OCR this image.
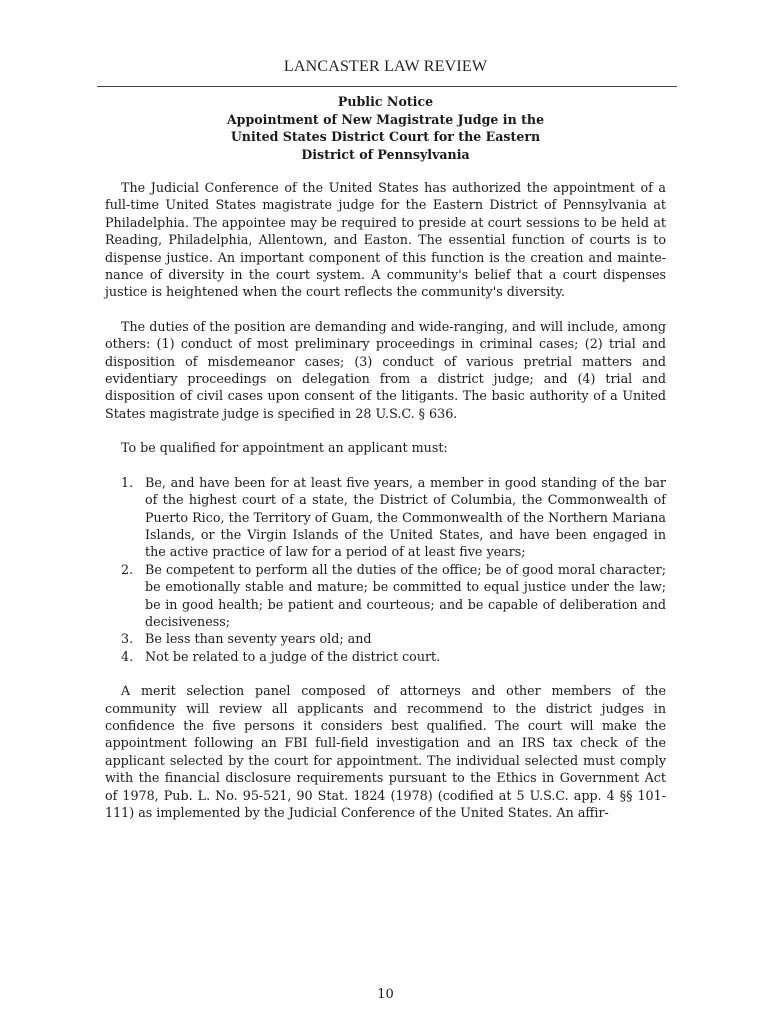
LANCASTER LAW REVIEW
Public Notice
Appointment of New Magistrate Judge in the
United States District Court for the Eastern
District of Pennsylvania

The Judicial Conference of the United States has authorized the appointment of a full-time United States magistrate judge for the Eastern District of Pennsylvania at Philadelphia. The appointee may be required to preside at court sessions to be held at Reading, Philadelphia, Allentown, and Easton. The essential function of courts is to dispense justice. An important component of this function is the creation and maintenance of diversity in the court system. A community's belief that a court dispenses justice is heightened when the court reflects the community's diversity.

The duties of the position are demanding and wide-ranging, and will include, among others: (1) conduct of most preliminary proceedings in criminal cases; (2) trial and disposition of misdemeanor cases; (3) conduct of various pretrial matters and evidentiary proceedings on delegation from a district judge; and (4) trial and disposition of civil cases upon consent of the litigants. The basic authority of a United States magistrate judge is specified in 28 U.S.C. § 636.

To be qualified for appointment an applicant must:

1. Be, and have been for at least five years, a member in good standing of the bar of the highest court of a state, the District of Columbia, the Commonwealth of Puerto Rico, the Territory of Guam, the Commonwealth of the Northern Mariana Islands, or the Virgin Islands of the United States, and have been engaged in the active practice of law for a period of at least five years;
2. Be competent to perform all the duties of the office; be of good moral character; be emotionally stable and mature; be committed to equal justice under the law; be in good health; be patient and courteous; and be capable of deliberation and decisiveness;
3. Be less than seventy years old; and
4. Not be related to a judge of the district court.

A merit selection panel composed of attorneys and other members of the community will review all applicants and recommend to the district judges in confidence the five persons it considers best qualified. The court will make the appointment following an FBI full-field investigation and an IRS tax check of the applicant selected by the court for appointment. The individual selected must comply with the financial disclosure requirements pursuant to the Ethics in Government Act of 1978, Pub. L. No. 95-521, 90 Stat. 1824 (1978) (codified at 5 U.S.C. app. 4 §§ 101- 111) as implemented by the Judicial Conference of the United States. An affir-

10
